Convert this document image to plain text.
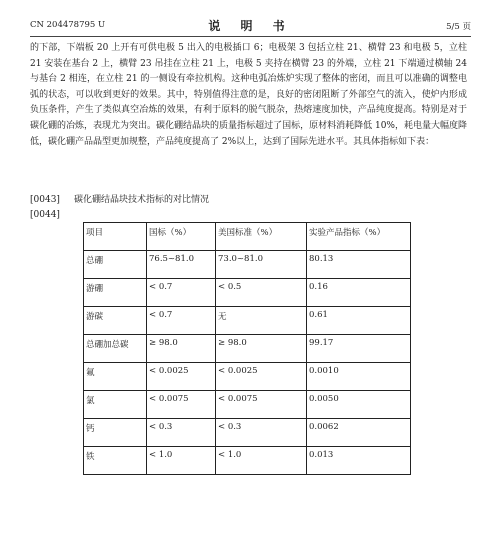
CN 204478795 U	说 明 书	5/5 页

的下部，下端板 20 上开有可供电极 5 出入的电极插口 6；电极架 3 包括立柱 21、横臂 23 和电极 5，立柱 21 安装在基台 2 上，横臂 23 吊挂在立柱 21 上，电极 5 夹持在横臂 23 的外端，立柱 21 下端通过横轴 24 与基台 2 相连，在立柱 21 的一侧设有牵拉机构。这种电弧冶炼炉实现了整体的密闭，而且可以准确的调整电弧的状态，可以收到更好的效果。其中，特别值得注意的是，良好的密闭阻断了外部空气的流入，使炉内形成负压条件，产生了类似真空冶炼的效果，有利于原料的脱气脱杂，热熔速度加快，产品纯度提高。特别是对于碳化硼的冶炼，表现尤为突出。碳化硼结晶块的质量指标超过了国标，原材料消耗降低 10%，耗电量大幅度降低，碳化硼产品晶型更加规整，产品纯度提高了 2%以上，达到了国际先进水平。其具体指标如下表：

[0043] 碳化硼结晶块技术指标的对比情况
[0044]
项目	国标（%）	美国标准（%）	实验产品指标（%）
总硼	76.5~81.0	73.0~81.0	80.13
游硼	< 0.7	< 0.5	0.16
游碳	< 0.7	无	0.61
总硼加总碳	≥ 98.0	≥ 98.0	99.17
氟	< 0.0025	< 0.0025	0.0010
氯	< 0.0075	< 0.0075	0.0050
钙	< 0.3	< 0.3	0.0062
铁	< 1.0	< 1.0	0.013
